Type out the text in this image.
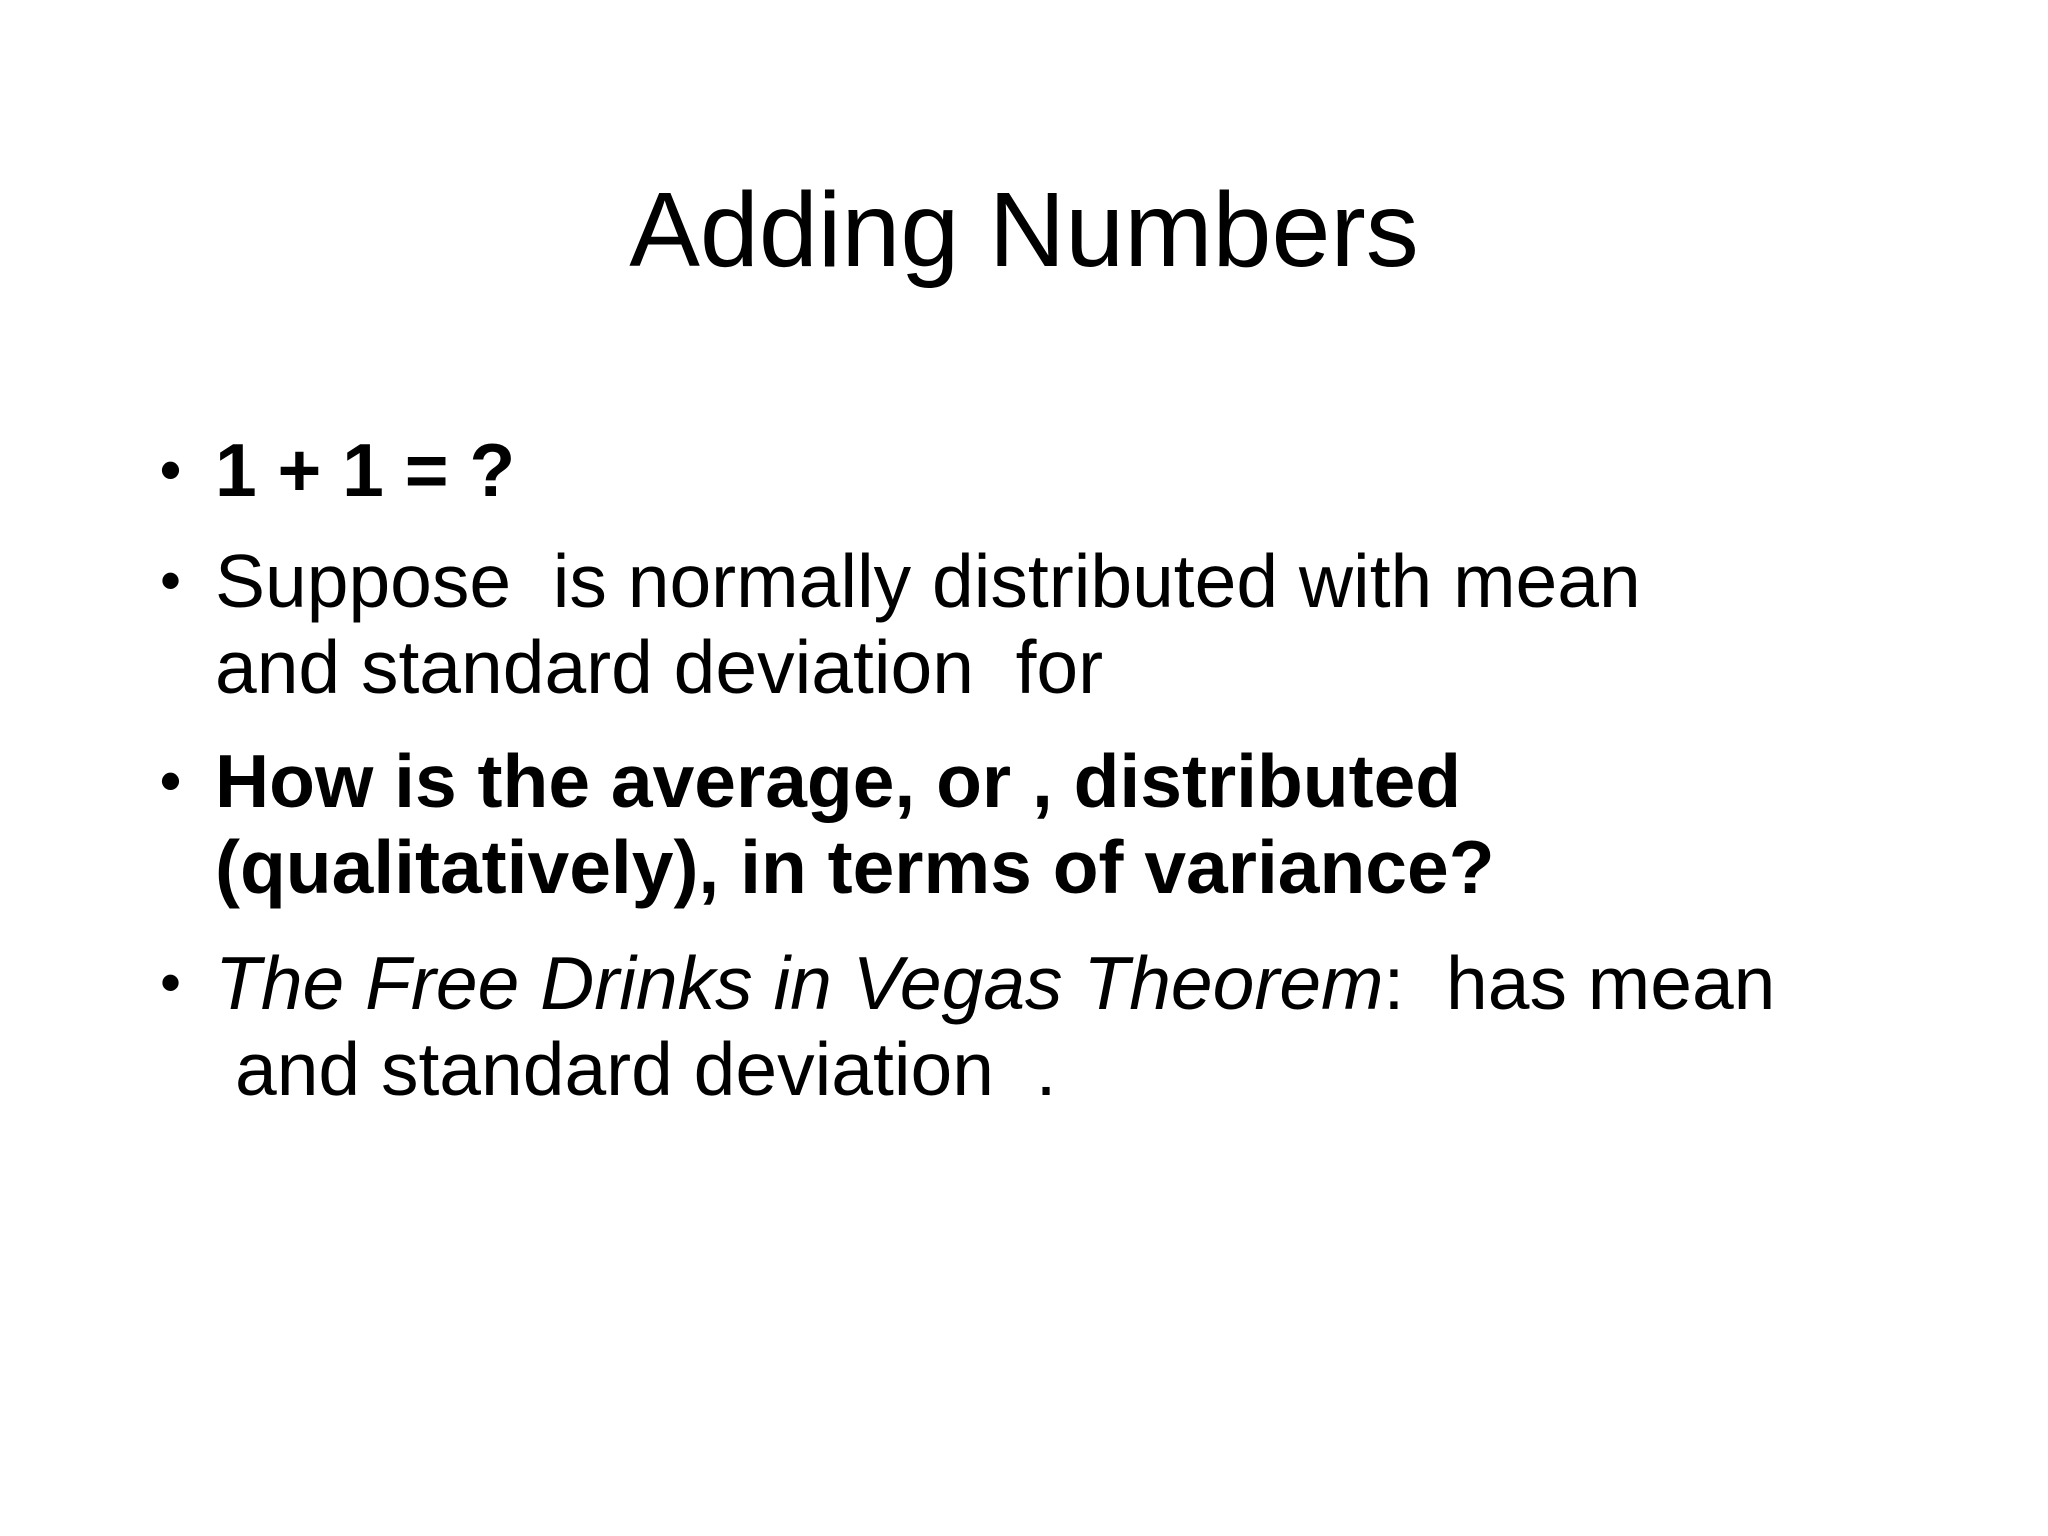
Adding Numbers
• 1 + 1 = ?
• Suppose  is normally distributed with mean
and standard deviation  for
• How is the average, or , distributed
(qualitatively), in terms of variance?
• The Free Drinks in Vegas Theorem:  has mean
and standard deviation  .
